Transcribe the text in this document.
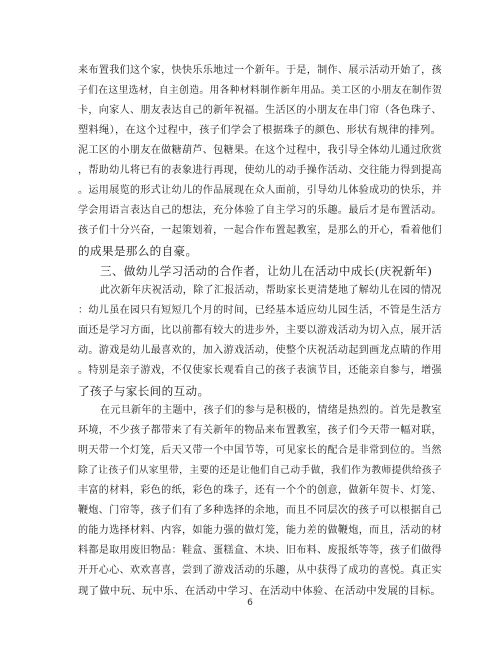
来布置我们这个家，快快乐乐地过一个新年。于是，制作、展示活动开始了，孩
子们在这里选材，自主创造。用各种材料制作新年用品。美工区的小朋友在制作贺
卡，向家人、朋友表达自己的新年祝福。生活区的小朋友在串门帘（各色珠子、
塑料绳），在这个过程中，孩子们学会了根据珠子的颜色、形状有规律的排列。
泥工区的小朋友在做糖葫芦、包糖果。在这个过程中，我引导全体幼儿通过欣赏
，帮助幼儿将已有的表象进行再现，使幼儿的动手操作活动、交往能力得到提高
。运用展览的形式让幼儿的作品展现在众人面前，引导幼儿体验成功的快乐，并
学会用语言表达自己的想法，充分体验了自主学习的乐趣。最后才是布置活动。
孩子们十分兴奋，一起策划着，一起合作布置起教室，是那么的开心，看着他们
的成果是那么的自豪。
三、做幼儿学习活动的合作者，让幼儿在活动中成长(庆祝新年)
此次新年庆祝活动，除了汇报活动，帮助家长更清楚地了解幼儿在园的情况
：幼儿虽在园只有短短几个月的时间，已经基本适应幼儿园生活，不管是生活方
面还是学习方面，比以前都有较大的进步外，主要以游戏活动为切入点，展开活
动。游戏是幼儿最喜欢的，加入游戏活动，使整个庆祝活动起到画龙点睛的作用
。特别是亲子游戏，不仅使家长观看自己的孩子表演节目，还能亲自参与，增强
了孩子与家长间的互动。
在元旦新年的主题中，孩子们的参与是积极的，情绪是热烈的。首先是教室
环境，不少孩子都带来了有关新年的物品来布置教室，孩子们今天带一幅对联，
明天带一个灯笼，后天又带一个中国节等，可见家长的配合是非常到位的。当然
除了让孩子们从家里带，主要的还是让他们自己动手做，我们作为教师提供给孩子
丰富的材料，彩色的纸，彩色的珠子，还有一个个的创意，做新年贺卡、灯笼、
鞭炮、门帘等，孩子们有了多种选择的余地，而且不同层次的孩子可以根据自己
的能力选择材料、内容，如能力强的做灯笼，能力差的做鞭炮，而且，活动的材
料都是取用废旧物品：鞋盒、蛋糕盒、木块、旧布料、废报纸等等，孩子们做得
开开心心、欢欢喜喜，尝到了游戏活动的乐趣，从中获得了成功的喜悦。真正实
现了做中玩、玩中乐、在活动中学习、在活动中体验、在活动中发展的目标。
6
